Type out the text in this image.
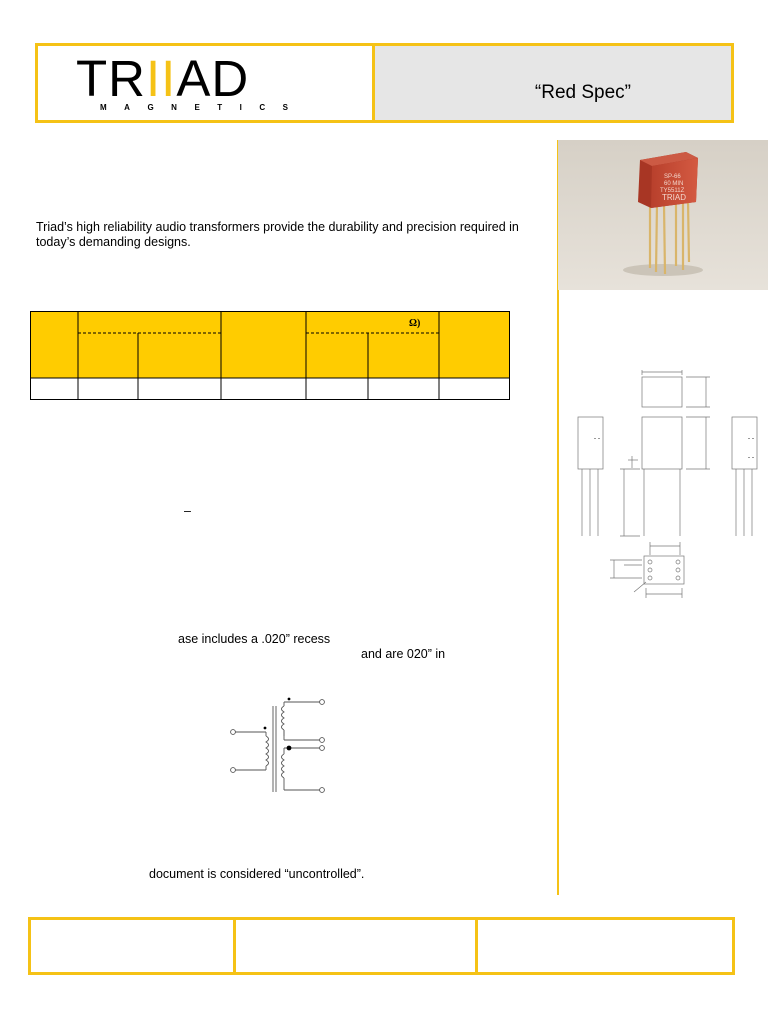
TRIIAD
MAGNETICS
“Red Spec”
SP-66
60 MIN
TY5511Z
TRIAD
Triad’s high reliability audio transformers provide the durability and precision required in today’s demanding designs.
Ω)
–
ase includes a .020” recess
and are 020” in
document is considered “uncontrolled”.
